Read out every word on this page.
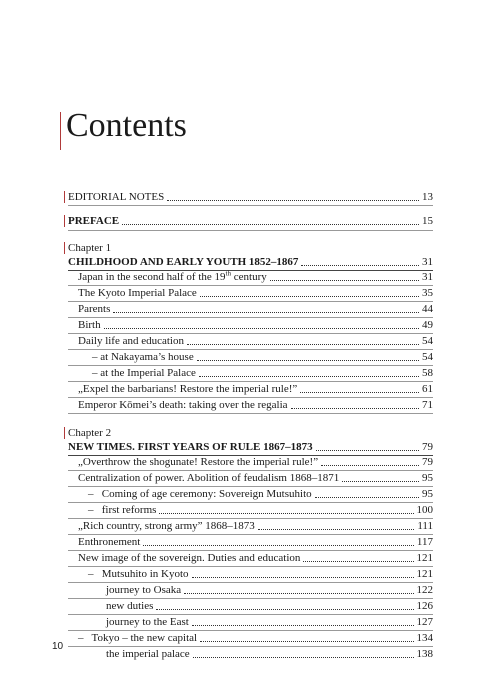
Contents
EDITORIAL NOTES	13
PREFACE	15
Chapter 1
CHILDHOOD AND EARLY YOUTH 1852–1867	31
Japan in the second half of the 19th century	31
The Kyoto Imperial Palace	35
Parents	44
Birth	49
Daily life and education	54
– at Nakayama’s house	54
– at the Imperial Palace	58
„Expel the barbarians! Restore the imperial rule!”	61
Emperor Kōmei’s death: taking over the regalia	71
Chapter 2
NEW TIMES. FIRST YEARS OF RULE 1867–1873	79
„Overthrow the shogunate! Restore the imperial rule!”	79
Centralization of power. Abolition of feudalism 1868–1871	95
–   Coming of age ceremony: Sovereign Mutsuhito	95
–   first reforms	100
„Rich country, strong army” 1868–1873	111
Enthronement	117
New image of the sovereign. Duties and education	121
–   Mutsuhito in Kyoto	121
journey to Osaka	122
new duties	126
journey to the East	127
–   Tokyo – the new capital	134
the imperial palace	138
10
